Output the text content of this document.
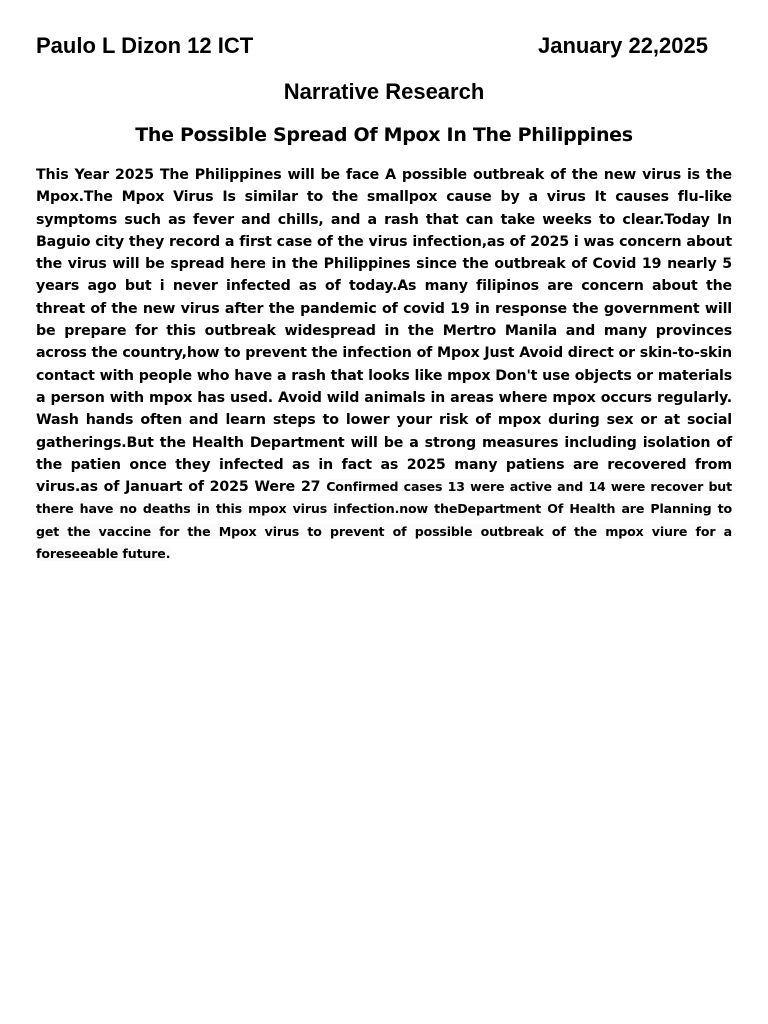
Paulo L Dizon 12 ICT	January 22,2025
Narrative Research
The Possible Spread Of Mpox In The Philippines
This Year 2025 The Philippines will be face A possible outbreak of the new virus is the Mpox.The Mpox Virus Is similar to the smallpox cause by a virus It causes flu-like symptoms such as fever and chills, and a rash that can take weeks to clear.Today In Baguio city they record a first case of the virus infection,as of 2025 i was concern about the virus will be spread here in the Philippines since the outbreak of Covid 19 nearly 5 years ago but i never infected as of today.As many filipinos are concern about the threat of the new virus after the pandemic of covid 19 in response the government will be prepare for this outbreak widespread in the Mertro Manila and many provinces across the country,how to prevent the infection of Mpox Just Avoid direct or skin-to-skin contact with people who have a rash that looks like mpox Don't use objects or materials a person with mpox has used. Avoid wild animals in areas where mpox occurs regularly. Wash hands often and learn steps to lower your risk of mpox during sex or at social gatherings.But the Health Department will be a strong measures including isolation of the patien once they infected as in fact as 2025 many patiens are recovered from virus.as of Januart of 2025 Were 27 Confirmed cases 13 were active and 14 were recover but there have no deaths in this mpox virus infection.now theDepartment Of Health are Planning to get the vaccine for the Mpox virus to prevent of possible outbreak of the mpox viure for a foreseeable future.
